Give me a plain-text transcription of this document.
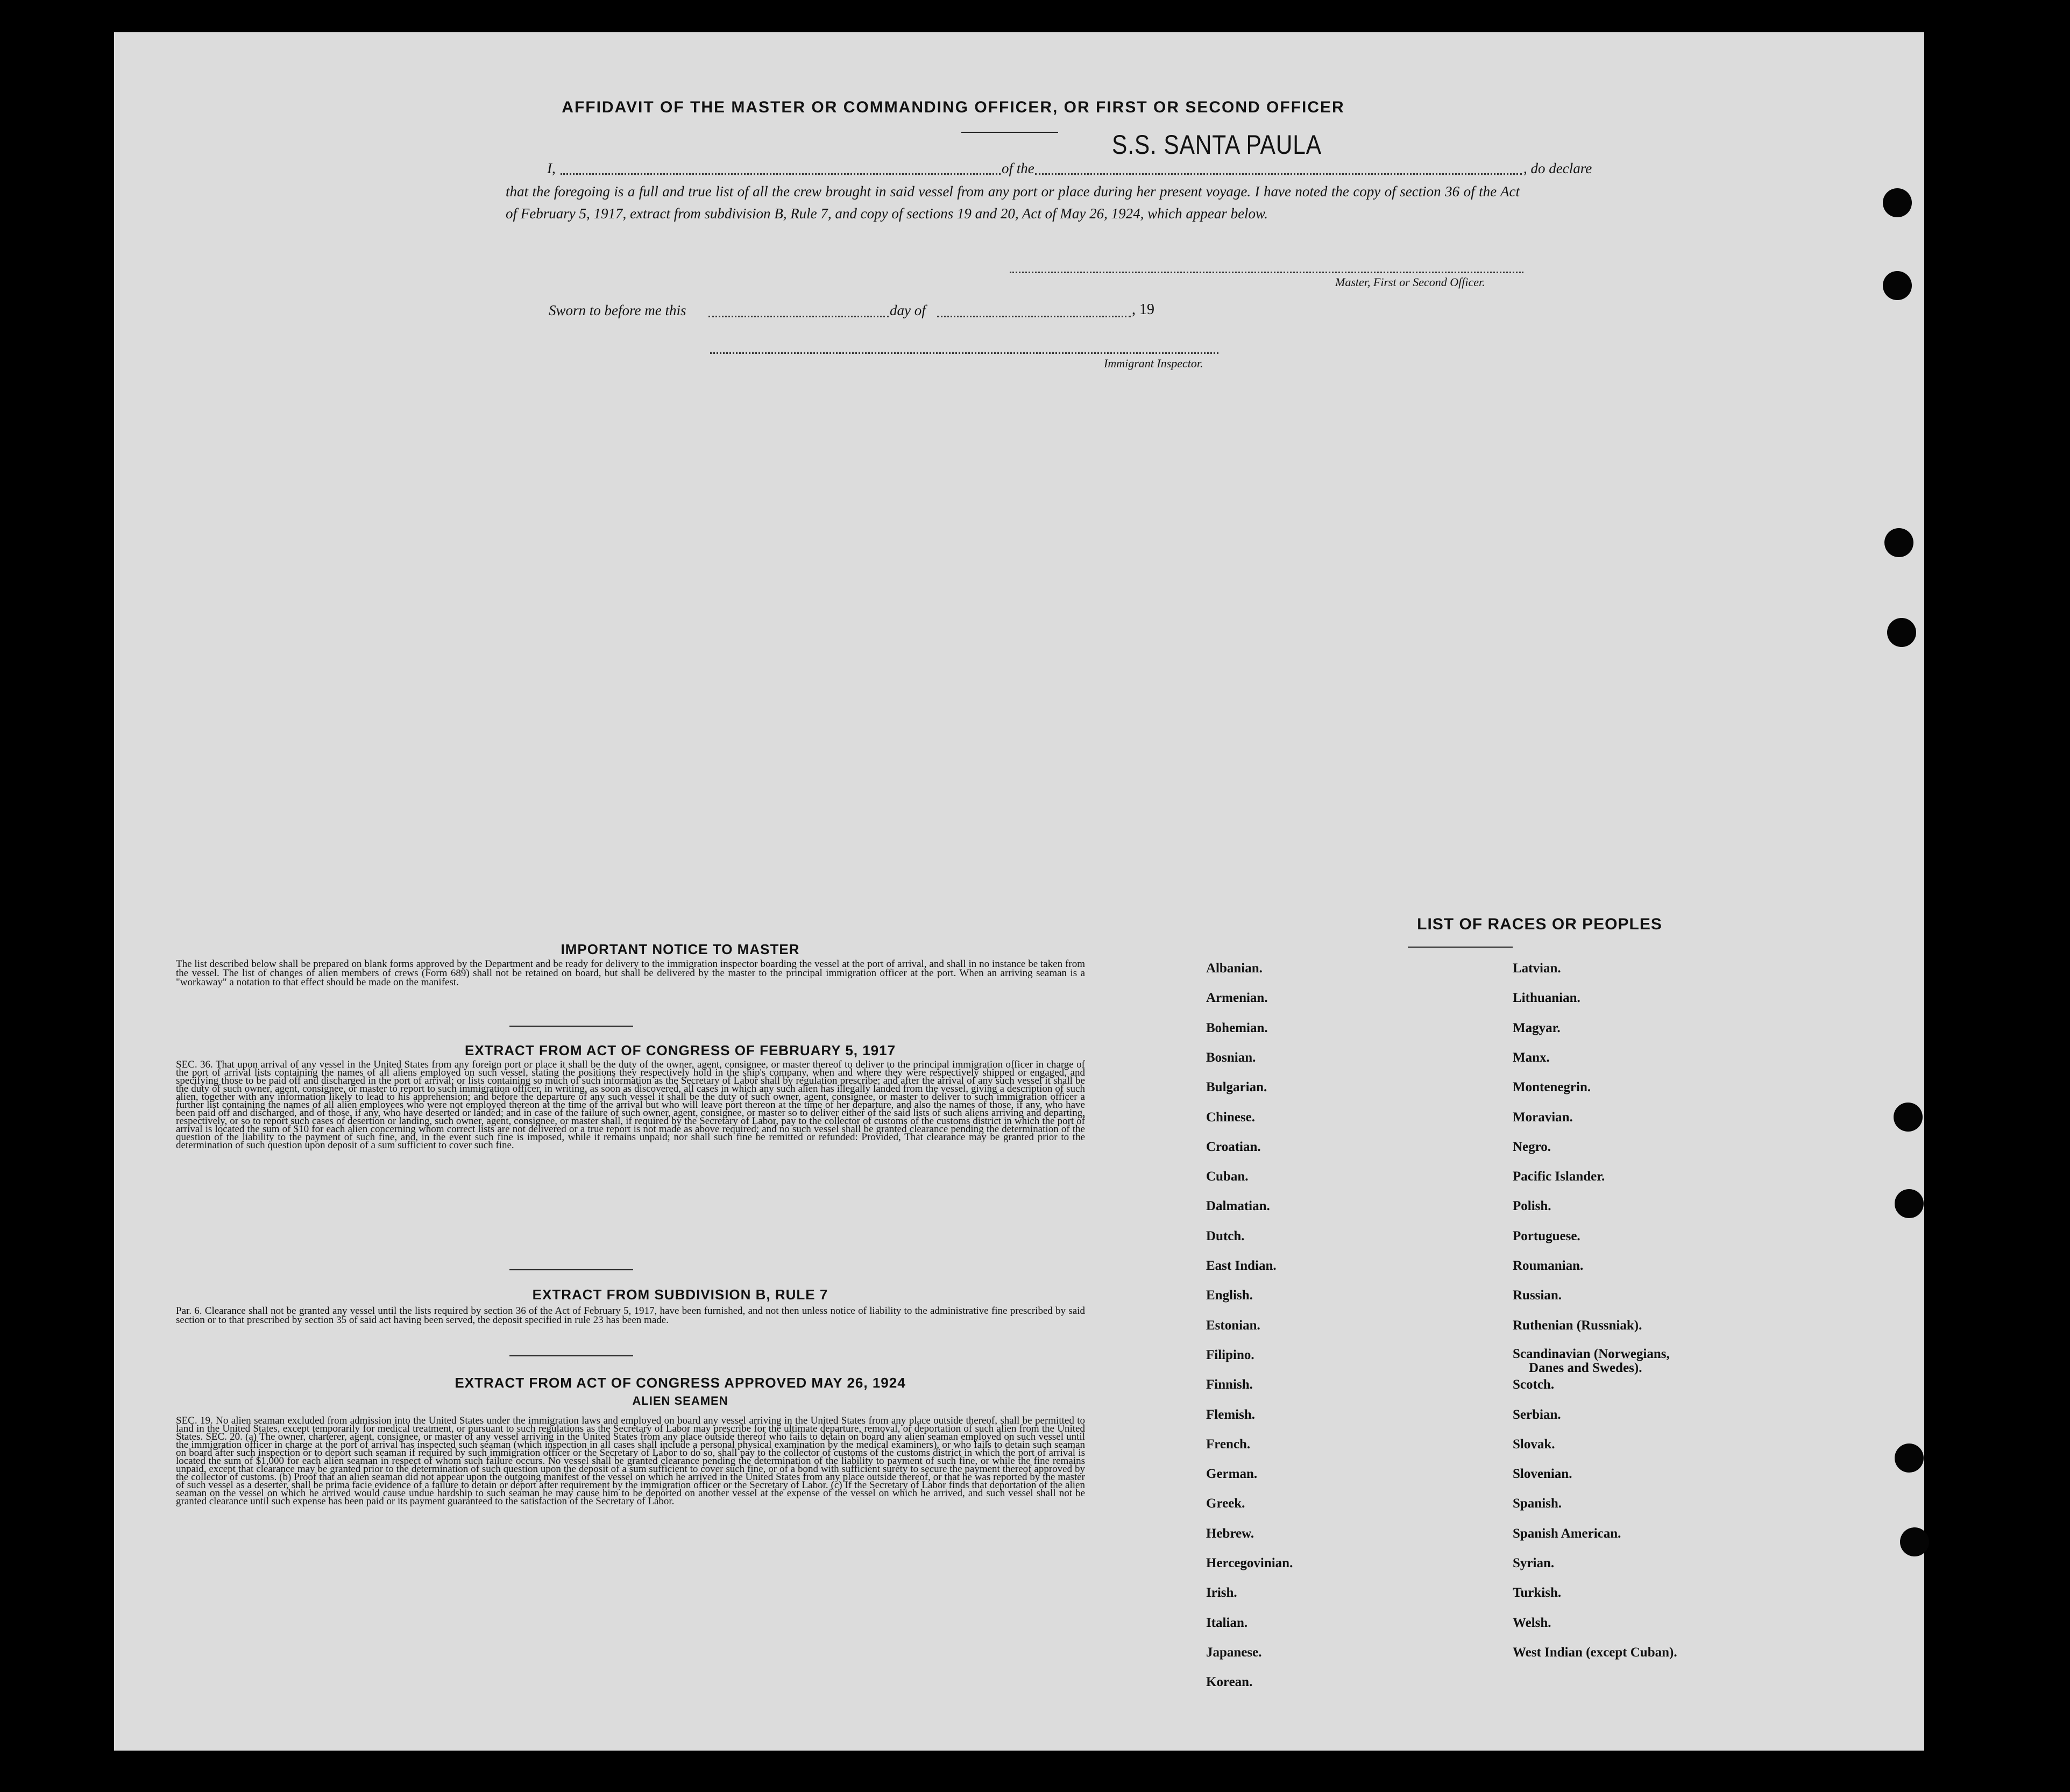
AFFIDAVIT OF THE MASTER OR COMMANDING OFFICER, OR FIRST OR SECOND OFFICER
S.S. SANTA PAULA
I,	of the	, do declare
that the foregoing is a full and true list of all the crew brought in said vessel from any port or place during her present voyage. I have noted the copy of section 36 of the Act of February 5, 1917, extract from subdivision B, Rule 7, and copy of sections 19 and 20, Act of May 26, 1924, which appear below.
Master, First or Second Officer.
Sworn to before me this	day of	, 19
Immigrant Inspector.
IMPORTANT NOTICE TO MASTER
The list described below shall be prepared on blank forms approved by the Department and be ready for delivery to the immigration inspector boarding the vessel at the port of arrival, and shall in no instance be taken from the vessel. The list of changes of alien members of crews (Form 689) shall not be retained on board, but shall be delivered by the master to the principal immigration officer at the port. When an arriving seaman is a "workaway" a notation to that effect should be made on the manifest.
EXTRACT FROM ACT OF CONGRESS OF FEBRUARY 5, 1917
SEC. 36. That upon arrival of any vessel in the United States from any foreign port or place it shall be the duty of the owner, agent, consignee, or master thereof to deliver to the principal immigration officer in charge of the port of arrival lists containing the names of all aliens employed on such vessel, stating the positions they respectively hold in the ship's company, when and where they were respectively shipped or engaged, and specifying those to be paid off and discharged in the port of arrival; or lists containing so much of such information as the Secretary of Labor shall by regulation prescribe; and after the arrival of any such vessel it shall be the duty of such owner, agent, consignee, or master to report to such immigration officer, in writing, as soon as discovered, all cases in which any such alien has illegally landed from the vessel, giving a description of such alien, together with any information likely to lead to his apprehension; and before the departure of any such vessel it shall be the duty of such owner, agent, consignee, or master to deliver to such immigration officer a further list containing the names of all alien employees who were not employed thereon at the time of the arrival but who will leave port thereon at the time of her departure, and also the names of those, if any, who have been paid off and discharged, and of those, if any, who have deserted or landed; and in case of the failure of such owner, agent, consignee, or master so to deliver either of the said lists of such aliens arriving and departing, respectively, or so to report such cases of desertion or landing, such owner, agent, consignee, or master shall, if required by the Secretary of Labor, pay to the collector of customs of the customs district in which the port of arrival is located the sum of $10 for each alien concerning whom correct lists are not delivered or a true report is not made as above required; and no such vessel shall be granted clearance pending the determination of the question of the liability to the payment of such fine, and, in the event such fine is imposed, while it remains unpaid; nor shall such fine be remitted or refunded: Provided, That clearance may be granted prior to the determination of such question upon deposit of a sum sufficient to cover such fine.
EXTRACT FROM SUBDIVISION B, RULE 7
Par. 6. Clearance shall not be granted any vessel until the lists required by section 36 of the Act of February 5, 1917, have been furnished, and not then unless notice of liability to the administrative fine prescribed by said section or to that prescribed by section 35 of said act having been served, the deposit specified in rule 23 has been made.
EXTRACT FROM ACT OF CONGRESS APPROVED MAY 26, 1924
ALIEN SEAMEN
SEC. 19. No alien seaman excluded from admission into the United States under the immigration laws and employed on board any vessel arriving in the United States from any place outside thereof, shall be permitted to land in the United States, except temporarily for medical treatment, or pursuant to such regulations as the Secretary of Labor may prescribe for the ultimate departure, removal, or deportation of such alien from the United States. SEC. 20. (a) The owner, charterer, agent, consignee, or master of any vessel arriving in the United States from any place outside thereof who fails to detain on board any alien seaman employed on such vessel until the immigration officer in charge at the port of arrival has inspected such seaman (which inspection in all cases shall include a personal physical examination by the medical examiners), or who fails to detain such seaman on board after such inspection or to deport such seaman if required by such immigration officer or the Secretary of Labor to do so, shall pay to the collector of customs of the customs district in which the port of arrival is located the sum of $1,000 for each alien seaman in respect of whom such failure occurs. No vessel shall be granted clearance pending the determination of the liability to payment of such fine, or while the fine remains unpaid, except that clearance may be granted prior to the determination of such question upon the deposit of a sum sufficient to cover such fine, or of a bond with sufficient surety to secure the payment thereof approved by the collector of customs. (b) Proof that an alien seaman did not appear upon the outgoing manifest of the vessel on which he arrived in the United States from any place outside thereof, or that he was reported by the master of such vessel as a deserter, shall be prima facie evidence of a failure to detain or deport after requirement by the immigration officer or the Secretary of Labor. (c) If the Secretary of Labor finds that deportation of the alien seaman on the vessel on which he arrived would cause undue hardship to such seaman he may cause him to be deported on another vessel at the expense of the vessel on which he arrived, and such vessel shall not be granted clearance until such expense has been paid or its payment guaranteed to the satisfaction of the Secretary of Labor.
LIST OF RACES OR PEOPLES
Albanian.
Armenian.
Bohemian.
Bosnian.
Bulgarian.
Chinese.
Croatian.
Cuban.
Dalmatian.
Dutch.
East Indian.
English.
Estonian.
Filipino.
Finnish.
Flemish.
French.
German.
Greek.
Hebrew.
Hercegovinian.
Irish.
Italian.
Japanese.
Korean.
Latvian.
Lithuanian.
Magyar.
Manx.
Montenegrin.
Moravian.
Negro.
Pacific Islander.
Polish.
Portuguese.
Roumanian.
Russian.
Ruthenian (Russniak).
Scandinavian (Norwegians,
Danes and Swedes).
Scotch.
Serbian.
Slovak.
Slovenian.
Spanish.
Spanish American.
Syrian.
Turkish.
Welsh.
West Indian (except Cuban).
